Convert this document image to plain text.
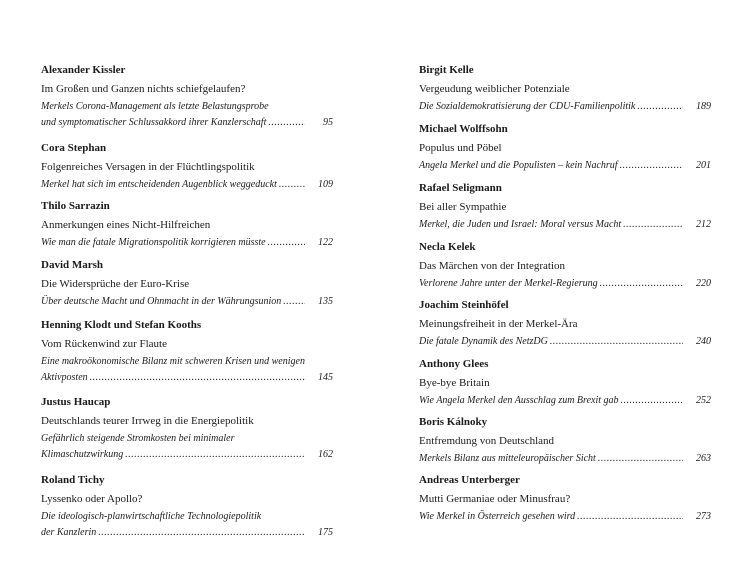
Alexander Kissler
Im Großen und Ganzen nichts schiefgelaufen?
Merkels Corona-Management als letzte Belastungsprobe
und symptomatischer Schlussakkord ihrer Kanzlerschaft .....	95
Cora Stephan
Folgenreiches Versagen in der Flüchtlingspolitik
Merkel hat sich im entscheidenden Augenblick weggeduckt .....	109
Thilo Sarrazin
Anmerkungen eines Nicht-Hilfreichen
Wie man die fatale Migrationspolitik korrigieren müsste .....	122
David Marsh
Die Widersprüche der Euro-Krise
Über deutsche Macht und Ohnmacht in der Währungsunion .....	135
Henning Klodt und Stefan Kooths
Vom Rückenwind zur Flaute
Eine makroökonomische Bilanz mit schweren Krisen und wenigen
Aktivposten .....	145
Justus Haucap
Deutschlands teurer Irrweg in die Energiepolitik
Gefährlich steigende Stromkosten bei minimaler
Klimaschutzwirkung .....	162
Roland Tichy
Lyssenko oder Apollo?
Die ideologisch-planwirtschaftliche Technologiepolitik
der Kanzlerin .....	175
Birgit Kelle
Vergeudung weiblicher Potenziale
Die Sozialdemokratisierung der CDU-Familienpolitik .....	189
Michael Wolffsohn
Populus und Pöbel
Angela Merkel und die Populisten – kein Nachruf .....	201
Rafael Seligmann
Bei aller Sympathie
Merkel, die Juden und Israel: Moral versus Macht .....	212
Necla Kelek
Das Märchen von der Integration
Verlorene Jahre unter der Merkel-Regierung .....	220
Joachim Steinhöfel
Meinungsfreiheit in der Merkel-Ära
Die fatale Dynamik des NetzDG .....	240
Anthony Glees
Bye-bye Britain
Wie Angela Merkel den Ausschlag zum Brexit gab .....	252
Boris Kálnoky
Entfremdung von Deutschland
Merkels Bilanz aus mitteleuropäischer Sicht .....	263
Andreas Unterberger
Mutti Germaniae oder Minusfrau?
Wie Merkel in Österreich gesehen wird .....	273
